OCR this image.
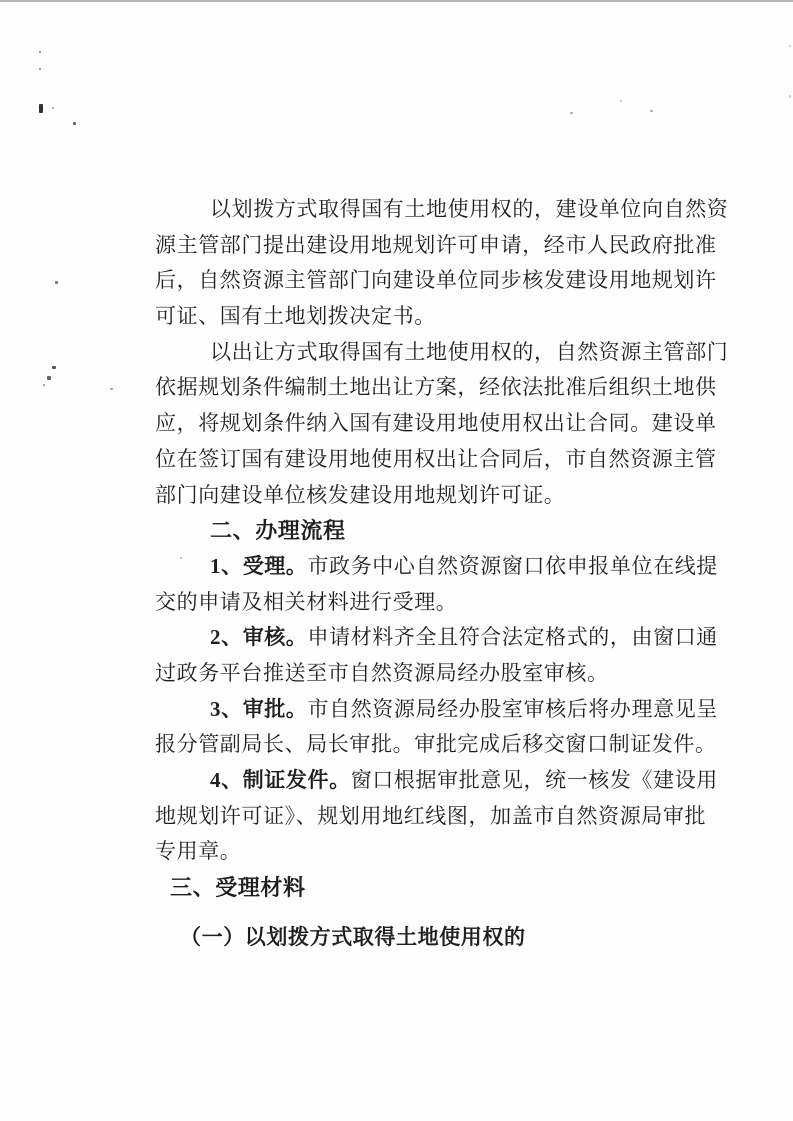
以划拨方式取得国有土地使用权的，建设单位向自然资
源主管部门提出建设用地规划许可申请，经市人民政府批准
后，自然资源主管部门向建设单位同步核发建设用地规划许
可证、国有土地划拨决定书。
以出让方式取得国有土地使用权的，自然资源主管部门
依据规划条件编制土地出让方案，经依法批准后组织土地供
应，将规划条件纳入国有建设用地使用权出让合同。建设单
位在签订国有建设用地使用权出让合同后，市自然资源主管
部门向建设单位核发建设用地规划许可证。
二、办理流程
1、受理。市政务中心自然资源窗口依申报单位在线提
交的申请及相关材料进行受理。
2、审核。申请材料齐全且符合法定格式的，由窗口通
过政务平台推送至市自然资源局经办股室审核。
3、审批。市自然资源局经办股室审核后将办理意见呈
报分管副局长、局长审批。审批完成后移交窗口制证发件。
4、制证发件。窗口根据审批意见，统一核发《建设用
地规划许可证》、规划用地红线图，加盖市自然资源局审批
专用章。
三、受理材料
（一）以划拨方式取得土地使用权的
